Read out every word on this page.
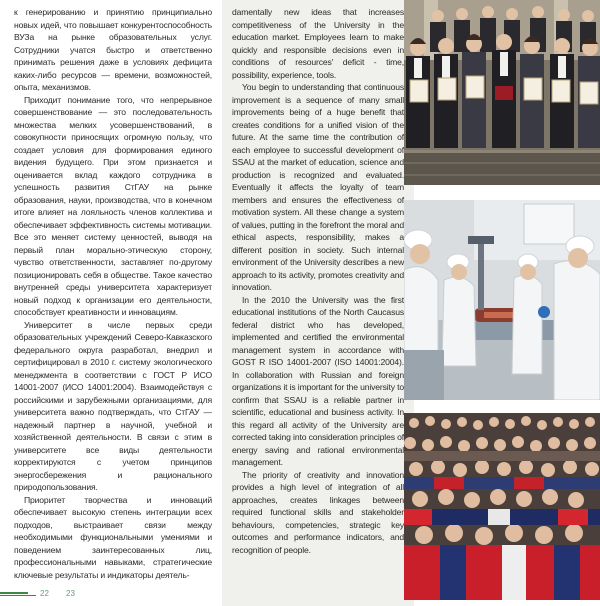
к генерированию и принятию принципиально новых идей, что повышает конкурентоспособность ВУЗа на рынке образовательных услуг. Сотрудники учатся быстро и ответственно принимать решения даже в условиях дефицита каких-либо ресурсов — времени, возможностей, опыта, механизмов.

Приходит понимание того, что непрерывное совершенствование — это последовательность множества мелких усовершенствований, в совокупности приносящих огромную пользу, что создает условия для формирования единого видения будущего. При этом признается и оценивается вклад каждого сотрудника в успешность развития СтГАУ на рынке образования, науки, производства, что в конечном итоге влияет на лояльность членов коллектива и обеспечивает эффективность системы мотивации. Все это меняет систему ценностей, выводя на первый план морально-этическую сторону, чувство ответственности, заставляет по-другому позиционировать себя в обществе. Такое качество внутренней среды университета характеризует новый подход к организации его деятельности, способствует креативности и инновациям.

Университет в числе первых среди образовательных учреждений Северо-Кавказского федерального округа разработал, внедрил и сертифицировал в 2010 г. систему экологического менеджмента в соответствии с ГОСТ Р ИСО 14001-2007 (ИСО 14001:2004). Взаимодействуя с российскими и зарубежными организациями, для университета важно подтверждать, что СтГАУ — надежный партнер в научной, учебной и хозяйственной деятельности. В связи с этим в университете все виды деятельности корректируются с учетом принципов энергосбережения и рационального природопользования.

Приоритет творчества и инноваций обеспечивает высокую степень интеграции всех подходов, выстраивает связи между необходимыми функциональными умениями и поведением заинтересованных лиц, профессиональными навыками, стратегические ключевые результаты и индикаторы деятель-

damentally new ideas that increases competitiveness of the University in the education market. Employees learn to make quickly and responsible decisions even in conditions of resources' deficit - time, possibility, experience, tools.

You begin to understanding that continuous improvement is a sequence of many small improvements being of a huge benefit that creates conditions for a unified vision of the future. At the same time the contribution of each employee to successful development of SSAU at the market of education, science and production is recognized and evaluated. Eventually it affects the loyalty of team members and ensures the effectiveness of motivation system. All these change a system of values, putting in the forefront the moral and ethical aspects, responsibility, makes a different position in society. Such internal environment of the University describes a new approach to its activity, promotes creativity and innovation.

In the 2010 the University was the first educational institutions of the North Caucasus federal district who has developed, implemented and certified the environmental management system in accordance with GOST R ISO 14001-2007 (ISO 14001:2004). In collaboration with Russian and foreign organizations it is important for the university to confirm that SSAU is a reliable partner in scientific, educational and business activity. In this regard all activity of the University are corrected taking into consideration principles of energy saving and rational environmental management.

The priority of creativity and innovation provides a high level of integration of all approaches, creates linkages between required functional skills and stakeholder behaviours, competencies, strategic key outcomes and performance indicators, and recognition of people.

22 23
